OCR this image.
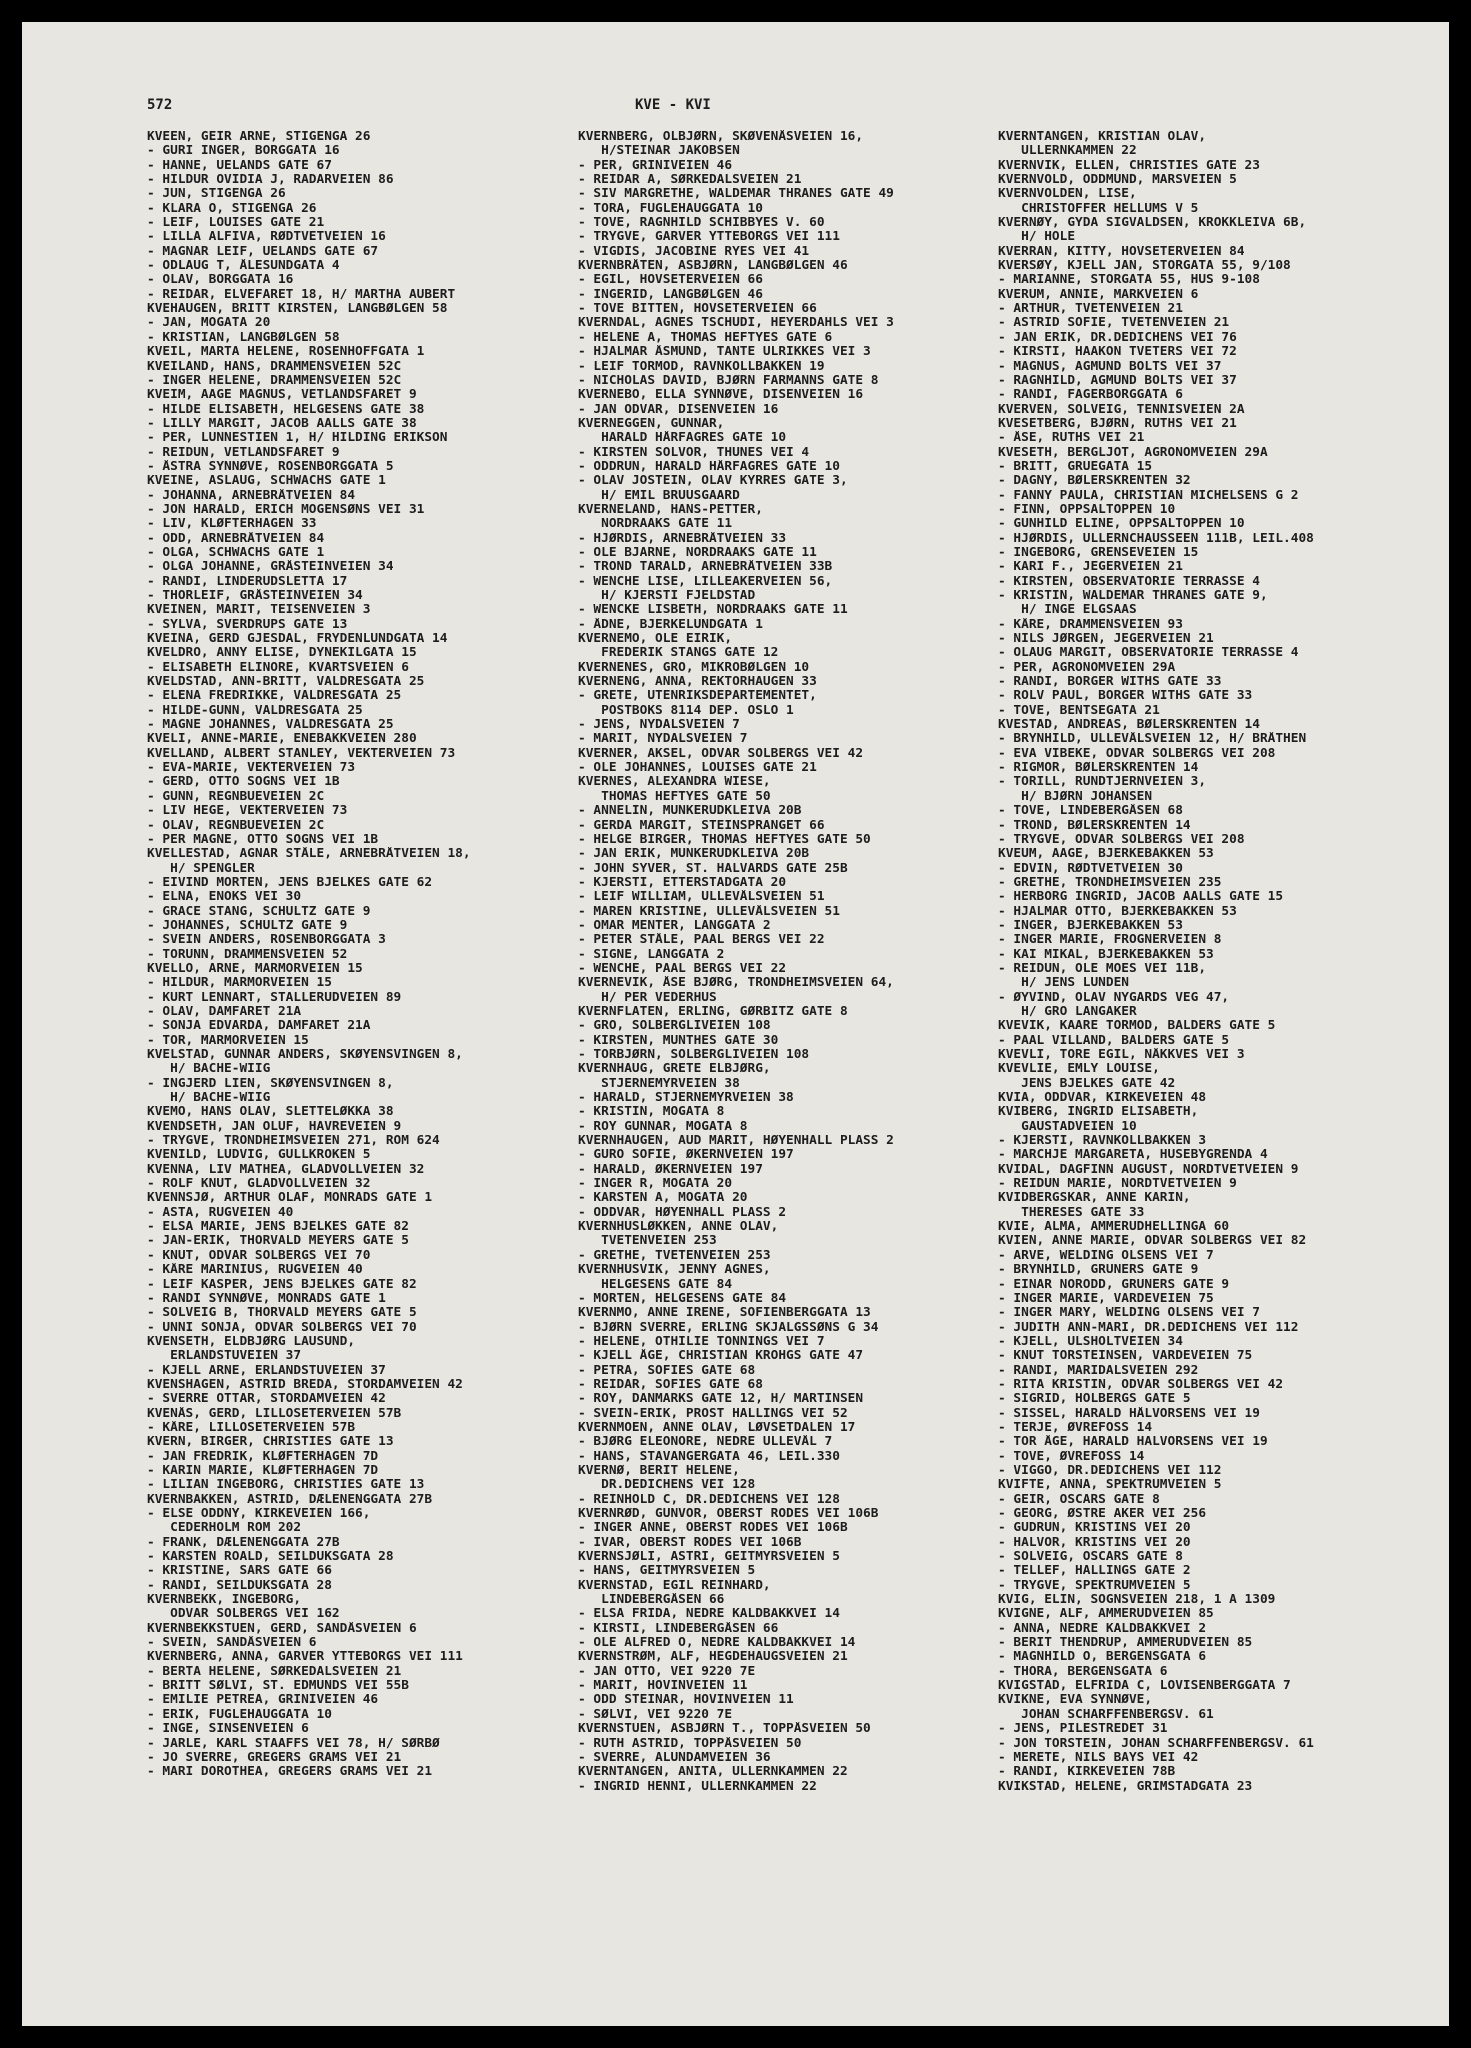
572	KVE - KVI
KVEEN, GEIR ARNE, STIGENGA 26
- GURI INGER, BORGGATA 16
- HANNE, UELANDS GATE 67
- HILDUR OVIDIA J, RADARVEIEN 86
- JUN, STIGENGA 26
- KLARA O, STIGENGA 26
- LEIF, LOUISES GATE 21
- LILLA ALFIVA, RØDTVETVEIEN 16
- MAGNAR LEIF, UELANDS GATE 67
- ODLAUG T, ÅLESUNDGATA 4
- OLAV, BORGGATA 16
- REIDAR, ELVEFARET 18, H/ MARTHA AUBERT
KVEHAUGEN, BRITT KIRSTEN, LANGBØLGEN 58
- JAN, MOGATA 20
- KRISTIAN, LANGBØLGEN 58
KVEIL, MARTA HELENE, ROSENHOFFGATA 1
KVEILAND, HANS, DRAMMENSVEIEN 52C
- INGER HELENE, DRAMMENSVEIEN 52C
KVEIM, AAGE MAGNUS, VETLANDSFARET 9
- HILDE ELISABETH, HELGESENS GATE 38
- LILLY MARGIT, JACOB AALLS GATE 38
- PER, LUNNESTIEN 1, H/ HILDING ERIKSON
- REIDUN, VETLANDSFARET 9
- ÅSTRA SYNNØVE, ROSENBORGGATA 5
KVEINE, ASLAUG, SCHWACHS GATE 1
- JOHANNA, ARNEBRÅTVEIEN 84
- JON HARALD, ERICH MOGENSØNS VEI 31
- LIV, KLØFTERHAGEN 33
- ODD, ARNEBRÅTVEIEN 84
- OLGA, SCHWACHS GATE 1
- OLGA JOHANNE, GRÅSTEINVEIEN 34
- RANDI, LINDERUDSLETTA 17
- THORLEIF, GRÅSTEINVEIEN 34
KVEINEN, MARIT, TEISENVEIEN 3
- SYLVA, SVERDRUPS GATE 13
KVEINA, GERD GJESDAL, FRYDENLUNDGATA 14
KVELDRO, ANNY ELISE, DYNEKILGATA 15
- ELISABETH ELINORE, KVARTSVEIEN 6
KVELDSTAD, ANN-BRITT, VALDRESGATA 25
- ELENA FREDRIKKE, VALDRESGATA 25
- HILDE-GUNN, VALDRESGATA 25
- MAGNE JOHANNES, VALDRESGATA 25
KVELI, ANNE-MARIE, ENEBAKKVEIEN 280
KVELLAND, ALBERT STANLEY, VEKTERVEIEN 73
- EVA-MARIE, VEKTERVEIEN 73
- GERD, OTTO SOGNS VEI 1B
- GUNN, REGNBUEVEIEN 2C
- LIV HEGE, VEKTERVEIEN 73
- OLAV, REGNBUEVEIEN 2C
- PER MAGNE, OTTO SOGNS VEI 1B
KVELLESTAD, AGNAR STÅLE, ARNEBRÅTVEIEN 18,
H/ SPENGLER
- EIVIND MORTEN, JENS BJELKES GATE 62
- ELNA, ENOKS VEI 30
- GRACE STANG, SCHULTZ GATE 9
- JOHANNES, SCHULTZ GATE 9
- SVEIN ANDERS, ROSENBORGGATA 3
- TORUNN, DRAMMENSVEIEN 52
KVELLO, ARNE, MARMORVEIEN 15
- HILDUR, MARMORVEIEN 15
- KURT LENNART, STALLERUDVEIEN 89
- OLAV, DAMFARET 21A
- SONJA EDVARDA, DAMFARET 21A
- TOR, MARMORVEIEN 15
KVELSTAD, GUNNAR ANDERS, SKØYENSVINGEN 8,
H/ BACHE-WIIG
- INGJERD LIEN, SKØYENSVINGEN 8,
H/ BACHE-WIIG
KVEMO, HANS OLAV, SLETTELØKKA 38
KVENDSETH, JAN OLUF, HAVREVEIEN 9
- TRYGVE, TRONDHEIMSVEIEN 271, ROM 624
KVENILD, LUDVIG, GULLKROKEN 5
KVENNA, LIV MATHEA, GLADVOLLVEIEN 32
- ROLF KNUT, GLADVOLLVEIEN 32
KVENNSJØ, ARTHUR OLAF, MONRADS GATE 1
- ASTA, RUGVEIEN 40
- ELSA MARIE, JENS BJELKES GATE 82
- JAN-ERIK, THORVALD MEYERS GATE 5
- KNUT, ODVAR SOLBERGS VEI 70
- KÅRE MARINIUS, RUGVEIEN 40
- LEIF KASPER, JENS BJELKES GATE 82
- RANDI SYNNØVE, MONRADS GATE 1
- SOLVEIG B, THORVALD MEYERS GATE 5
- UNNI SONJA, ODVAR SOLBERGS VEI 70
KVENSETH, ELDBJØRG LAUSUND,
ERLANDSTUVEIEN 37
- KJELL ARNE, ERLANDSTUVEIEN 37
KVENSHAGEN, ASTRID BREDA, STORDAMVEIEN 42
- SVERRE OTTAR, STORDAMVEIEN 42
KVENÅS, GERD, LILLOSETERVEIEN 57B
- KÅRE, LILLOSETERVEIEN 57B
KVERN, BIRGER, CHRISTIES GATE 13
- JAN FREDRIK, KLØFTERHAGEN 7D
- KARIN MARIE, KLØFTERHAGEN 7D
- LILIAN INGEBORG, CHRISTIES GATE 13
KVERNBAKKEN, ASTRID, DÆLENENGGATA 27B
- ELSE ODDNY, KIRKEVEIEN 166,
CEDERHOLM ROM 202
- FRANK, DÆLENENGGATA 27B
- KARSTEN ROALD, SEILDUKSGATA 28
- KRISTINE, SARS GATE 66
- RANDI, SEILDUKSGATA 28
KVERNBEKK, INGEBORG,
ODVAR SOLBERGS VEI 162
KVERNBEKKSTUEN, GERD, SANDÅSVEIEN 6
- SVEIN, SANDÅSVEIEN 6
KVERNBERG, ANNA, GARVER YTTEBORGS VEI 111
- BERTA HELENE, SØRKEDALSVEIEN 21
- BRITT SØLVI, ST. EDMUNDS VEI 55B
- EMILIE PETREA, GRINIVEIEN 46
- ERIK, FUGLEHAUGGATA 10
- INGE, SINSENVEIEN 6
- JARLE, KARL STAAFFS VEI 78, H/ SØRBØ
- JO SVERRE, GREGERS GRAMS VEI 21
- MARI DOROTHEA, GREGERS GRAMS VEI 21
KVERNBERG, OLBJØRN, SKØVENÅSVEIEN 16,
H/STEINAR JAKOBSEN
- PER, GRINIVEIEN 46
- REIDAR A, SØRKEDALSVEIEN 21
- SIV MARGRETHE, WALDEMAR THRANES GATE 49
- TORA, FUGLEHAUGGATA 10
- TOVE, RAGNHILD SCHIBBYES V. 60
- TRYGVE, GARVER YTTEBORGS VEI 111
- VIGDIS, JACOBINE RYES VEI 41
KVERNBRÅTEN, ASBJØRN, LANGBØLGEN 46
- EGIL, HOVSETERVEIEN 66
- INGERID, LANGBØLGEN 46
- TOVE BITTEN, HOVSETERVEIEN 66
KVERNDAL, AGNES TSCHUDI, HEYERDAHLS VEI 3
- HELENE A, THOMAS HEFTYES GATE 6
- HJALMAR ÅSMUND, TANTE ULRIKKES VEI 3
- LEIF TORMOD, RAVNKOLLBAKKEN 19
- NICHOLAS DAVID, BJØRN FARMANNS GATE 8
KVERNEBO, ELLA SYNNØVE, DISENVEIEN 16
- JAN ODVAR, DISENVEIEN 16
KVERNEGGEN, GUNNAR,
HARALD HÅRFAGRES GATE 10
- KIRSTEN SOLVOR, THUNES VEI 4
- ODDRUN, HARALD HÅRFAGRES GATE 10
- OLAV JOSTEIN, OLAV KYRRES GATE 3,
H/ EMIL BRUUSGAARD
KVERNELAND, HANS-PETTER,
NORDRAAKS GATE 11
- HJØRDIS, ARNEBRÅTVEIEN 33
- OLE BJARNE, NORDRAAKS GATE 11
- TROND TARALD, ARNEBRÅTVEIEN 33B
- WENCHE LISE, LILLEAKERVEIEN 56,
H/ KJERSTI FJELDSTAD
- WENCKE LISBETH, NORDRAAKS GATE 11
- ÅDNE, BJERKELUNDGATA 1
KVERNEMO, OLE EIRIK,
FREDERIK STANGS GATE 12
KVERNENES, GRO, MIKROBØLGEN 10
KVERNENG, ANNA, REKTORHAUGEN 33
- GRETE, UTENRIKSDEPARTEMENTET,
POSTBOKS 8114 DEP. OSLO 1
- JENS, NYDALSVEIEN 7
- MARIT, NYDALSVEIEN 7
KVERNER, AKSEL, ODVAR SOLBERGS VEI 42
- OLE JOHANNES, LOUISES GATE 21
KVERNES, ALEXANDRA WIESE,
THOMAS HEFTYES GATE 50
- ANNELIN, MUNKERUDKLEIVA 20B
- GERDA MARGIT, STEINSPRANGET 66
- HELGE BIRGER, THOMAS HEFTYES GATE 50
- JAN ERIK, MUNKERUDKLEIVA 20B
- JOHN SYVER, ST. HALVARDS GATE 25B
- KJERSTI, ETTERSTADGATA 20
- LEIF WILLIAM, ULLEVÅLSVEIEN 51
- MAREN KRISTINE, ULLEVÅLSVEIEN 51
- OMAR MENTER, LANGGATA 2
- PETER STÅLE, PAAL BERGS VEI 22
- SIGNE, LANGGATA 2
- WENCHE, PAAL BERGS VEI 22
KVERNEVIK, ÅSE BJØRG, TRONDHEIMSVEIEN 64,
H/ PER VEDERHUS
KVERNFLATEN, ERLING, GØRBITZ GATE 8
- GRO, SOLBERGLIVEIEN 108
- KIRSTEN, MUNTHES GATE 30
- TORBJØRN, SOLBERGLIVEIEN 108
KVERNHAUG, GRETE ELBJØRG,
STJERNEMYRVEIEN 38
- HARALD, STJERNEMYRVEIEN 38
- KRISTIN, MOGATA 8
- ROY GUNNAR, MOGATA 8
KVERNHAUGEN, AUD MARIT, HØYENHALL PLASS 2
- GURO SOFIE, ØKERNVEIEN 197
- HARALD, ØKERNVEIEN 197
- INGER R, MOGATA 20
- KARSTEN A, MOGATA 20
- ODDVAR, HØYENHALL PLASS 2
KVERNHUSLØKKEN, ANNE OLAV,
TVETENVEIEN 253
- GRETHE, TVETENVEIEN 253
KVERNHUSVIK, JENNY AGNES,
HELGESENS GATE 84
- MORTEN, HELGESENS GATE 84
KVERNMO, ANNE IRENE, SOFIENBERGGATA 13
- BJØRN SVERRE, ERLING SKJALGSSØNS G 34
- HELENE, OTHILIE TONNINGS VEI 7
- KJELL ÅGE, CHRISTIAN KROHGS GATE 47
- PETRA, SOFIES GATE 68
- REIDAR, SOFIES GATE 68
- ROY, DANMARKS GATE 12, H/ MARTINSEN
- SVEIN-ERIK, PROST HALLINGS VEI 52
KVERNMOEN, ANNE OLAV, LØVSETDALEN 17
- BJØRG ELEONORE, NEDRE ULLEVÅL 7
- HANS, STAVANGERGATA 46, LEIL.330
KVERNØ, BERIT HELENE,
DR.DEDICHENS VEI 128
- REINHOLD C, DR.DEDICHENS VEI 128
KVERNRØD, GUNVOR, OBERST RODES VEI 106B
- INGER ANNE, OBERST RODES VEI 106B
- IVAR, OBERST RODES VEI 106B
KVERNSJØLI, ASTRI, GEITMYRSVEIEN 5
- HANS, GEITMYRSVEIEN 5
KVERNSTAD, EGIL REINHARD,
LINDEBERGÅSEN 66
- ELSA FRIDA, NEDRE KALDBAKKVEI 14
- KIRSTI, LINDEBERGÅSEN 66
- OLE ALFRED O, NEDRE KALDBAKKVEI 14
KVERNSTRØM, ALF, HEGDEHAUGSVEIEN 21
- JAN OTTO, VEI 9220 7E
- MARIT, HOVINVEIEN 11
- ODD STEINAR, HOVINVEIEN 11
- SØLVI, VEI 9220 7E
KVERNSTUEN, ASBJØRN T., TOPPÅSVEIEN 50
- RUTH ASTRID, TOPPÅSVEIEN 50
- SVERRE, ALUNDAMVEIEN 36
KVERNTANGEN, ANITA, ULLERNKAMMEN 22
- INGRID HENNI, ULLERNKAMMEN 22
KVERNTANGEN, KRISTIAN OLAV,
ULLERNKAMMEN 22
KVERNVIK, ELLEN, CHRISTIES GATE 23
KVERNVOLD, ODDMUND, MARSVEIEN 5
KVERNVOLDEN, LISE,
CHRISTOFFER HELLUMS V 5
KVERNØY, GYDA SIGVALDSEN, KROKKLEIVA 6B,
H/ HOLE
KVERRAN, KITTY, HOVSETERVEIEN 84
KVERSØY, KJELL JAN, STORGATA 55, 9/108
- MARIANNE, STORGATA 55, HUS 9-108
KVERUM, ANNIE, MARKVEIEN 6
- ARTHUR, TVETENVEIEN 21
- ASTRID SOFIE, TVETENVEIEN 21
- JAN ERIK, DR.DEDICHENS VEI 76
- KIRSTI, HAAKON TVETERS VEI 72
- MAGNUS, AGMUND BOLTS VEI 37
- RAGNHILD, AGMUND BOLTS VEI 37
- RANDI, FAGERBORGGATA 6
KVERVEN, SOLVEIG, TENNISVEIEN 2A
KVESETBERG, BJØRN, RUTHS VEI 21
- ÅSE, RUTHS VEI 21
KVESETH, BERGLJOT, AGRONOMVEIEN 29A
- BRITT, GRUEGATA 15
- DAGNY, BØLERSKRENTEN 32
- FANNY PAULA, CHRISTIAN MICHELSENS G 2
- FINN, OPPSALTOPPEN 10
- GUNHILD ELINE, OPPSALTOPPEN 10
- HJØRDIS, ULLERNCHAUSSEEN 111B, LEIL.408
- INGEBORG, GRENSEVEIEN 15
- KARI F., JEGERVEIEN 21
- KIRSTEN, OBSERVATORIE TERRASSE 4
- KRISTIN, WALDEMAR THRANES GATE 9,
H/ INGE ELGSAAS
- KÅRE, DRAMMENSVEIEN 93
- NILS JØRGEN, JEGERVEIEN 21
- OLAUG MARGIT, OBSERVATORIE TERRASSE 4
- PER, AGRONOMVEIEN 29A
- RANDI, BORGER WITHS GATE 33
- ROLV PAUL, BORGER WITHS GATE 33
- TOVE, BENTSEGATA 21
KVESTAD, ANDREAS, BØLERSKRENTEN 14
- BRYNHILD, ULLEVÅLSVEIEN 12, H/ BRÅTHEN
- EVA VIBEKE, ODVAR SOLBERGS VEI 208
- RIGMOR, BØLERSKRENTEN 14
- TORILL, RUNDTJERNVEIEN 3,
H/ BJØRN JOHANSEN
- TOVE, LINDEBERGÅSEN 68
- TROND, BØLERSKRENTEN 14
- TRYGVE, ODVAR SOLBERGS VEI 208
KVEUM, AAGE, BJERKEBAKKEN 53
- EDVIN, RØDTVETVEIEN 30
- GRETHE, TRONDHEIMSVEIEN 235
- HERBORG INGRID, JACOB AALLS GATE 15
- HJALMAR OTTO, BJERKEBAKKEN 53
- INGER, BJERKEBAKKEN 53
- INGER MARIE, FROGNERVEIEN 8
- KAI MIKAL, BJERKEBAKKEN 53
- REIDUN, OLE MOES VEI 11B,
H/ JENS LUNDEN
- ØYVIND, OLAV NYGARDS VEG 47,
H/ GRO LANGAKER
KVEVIK, KAARE TORMOD, BALDERS GATE 5
- PAAL VILLAND, BALDERS GATE 5
KVEVLI, TORE EGIL, NÅKKVES VEI 3
KVEVLIE, EMLY LOUISE,
JENS BJELKES GATE 42
KVIA, ODDVAR, KIRKEVEIEN 48
KVIBERG, INGRID ELISABETH,
GAUSTADVEIEN 10
- KJERSTI, RAVNKOLLBAKKEN 3
- MARCHJE MARGARETA, HUSEBYGRENDA 4
KVIDAL, DAGFINN AUGUST, NORDTVETVEIEN 9
- REIDUN MARIE, NORDTVETVEIEN 9
KVIDBERGSKAR, ANNE KARIN,
THERESES GATE 33
KVIE, ALMA, AMMERUDHELLINGA 60
KVIEN, ANNE MARIE, ODVAR SOLBERGS VEI 82
- ARVE, WELDING OLSENS VEI 7
- BRYNHILD, GRÜNERS GATE 9
- EINAR NORODD, GRÜNERS GATE 9
- INGER MARIE, VARDEVEIEN 75
- INGER MARY, WELDING OLSENS VEI 7
- JUDITH ANN-MARI, DR.DEDICHENS VEI 112
- KJELL, ULSHOLTVEIEN 34
- KNUT TORSTEINSEN, VARDEVEIEN 75
- RANDI, MARIDALSVEIEN 292
- RITA KRISTIN, ODVAR SOLBERGS VEI 42
- SIGRID, HOLBERGS GATE 5
- SISSEL, HARALD HÅLVORSENS VEI 19
- TERJE, ØVREFOSS 14
- TOR ÅGE, HARALD HALVORSENS VEI 19
- TOVE, ØVREFOSS 14
- VIGGO, DR.DEDICHENS VEI 112
KVIFTE, ANNA, SPEKTRUMVEIEN 5
- GEIR, OSCARS GATE 8
- GEORG, ØSTRE AKER VEI 256
- GUDRUN, KRISTINS VEI 20
- HALVOR, KRISTINS VEI 20
- SOLVEIG, OSCARS GATE 8
- TELLEF, HALLINGS GATE 2
- TRYGVE, SPEKTRUMVEIEN 5
KVIG, ELIN, SOGNSVEIEN 218, 1 A 1309
KVIGNE, ALF, AMMERUDVEIEN 85
- ANNA, NEDRE KALDBAKKVEI 2
- BERIT THENDRUP, AMMERUDVEIEN 85
- MAGNHILD O, BERGENSGATA 6
- THORA, BERGENSGATA 6
KVIGSTAD, ELFRIDA C, LOVISENBERGGATA 7
KVIKNE, EVA SYNNØVE,
JOHAN SCHARFFENBERGSV. 61
- JENS, PILESTREDET 31
- JON TORSTEIN, JOHAN SCHARFFENBERGSV. 61
- MERETE, NILS BAYS VEI 42
- RANDI, KIRKEVEIEN 78B
KVIKSTAD, HELENE, GRIMSTADGATA 23
